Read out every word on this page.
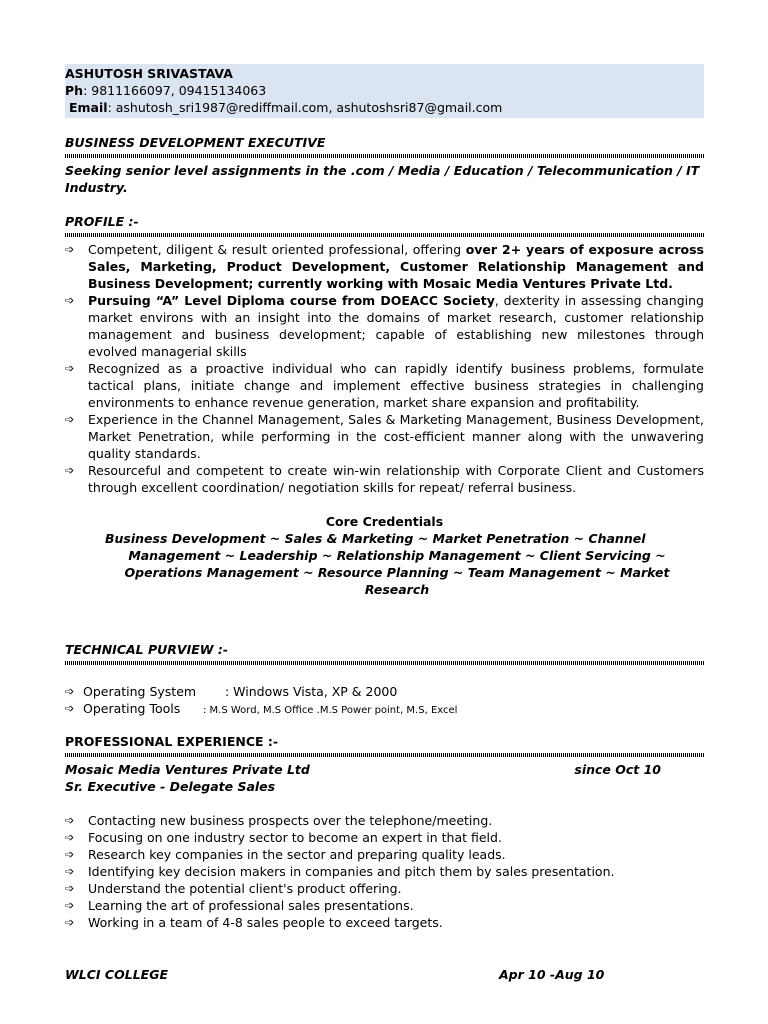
ASHUTOSH SRIVASTAVA
Ph: 9811166097, 09415134063
Email: ashutosh_sri1987@rediffmail.com, ashutoshsri87@gmail.com
BUSINESS DEVELOPMENT EXECUTIVE
Seeking senior level assignments in the .com / Media / Education / Telecommunication / IT Industry.
PROFILE :-
➩ Competent, diligent & result oriented professional, offering over 2+ years of exposure across Sales, Marketing, Product Development, Customer Relationship Management and Business Development; currently working with Mosaic Media Ventures Private Ltd.
➩ Pursuing “A” Level Diploma course from DOEACC Society, dexterity in assessing changing market environs with an insight into the domains of market research, customer relationship management and business development; capable of establishing new milestones through evolved managerial skills
➩ Recognized as a proactive individual who can rapidly identify business problems, formulate tactical plans, initiate change and implement effective business strategies in challenging environments to enhance revenue generation, market share expansion and profitability.
➩ Experience in the Channel Management, Sales & Marketing Management, Business Development, Market Penetration, while performing in the cost-efficient manner along with the unwavering quality standards.
➩ Resourceful and competent to create win-win relationship with Corporate Client and Customers through excellent coordination/ negotiation skills for repeat/ referral business.
Core Credentials
Business Development ~ Sales & Marketing ~ Market Penetration ~ Channel
Management ~ Leadership ~ Relationship Management ~ Client Servicing ~
Operations Management ~ Resource Planning ~ Team Management ~ Market
Research
TECHNICAL PURVIEW :-
➩ Operating System : Windows Vista, XP & 2000
➩ Operating Tools : M.S Word, M.S Office .M.S Power point, M.S, Excel
PROFESSIONAL EXPERIENCE :-
Mosaic Media Ventures Private Ltd	since Oct 10
Sr. Executive - Delegate Sales
➩ Contacting new business prospects over the telephone/meeting.
➩ Focusing on one industry sector to become an expert in that field.
➩ Research key companies in the sector and preparing quality leads.
➩ Identifying key decision makers in companies and pitch them by sales presentation.
➩ Understand the potential client's product offering.
➩ Learning the art of professional sales presentations.
➩ Working in a team of 4-8 sales people to exceed targets.
WLCI COLLEGE	Apr 10 -Aug 10
